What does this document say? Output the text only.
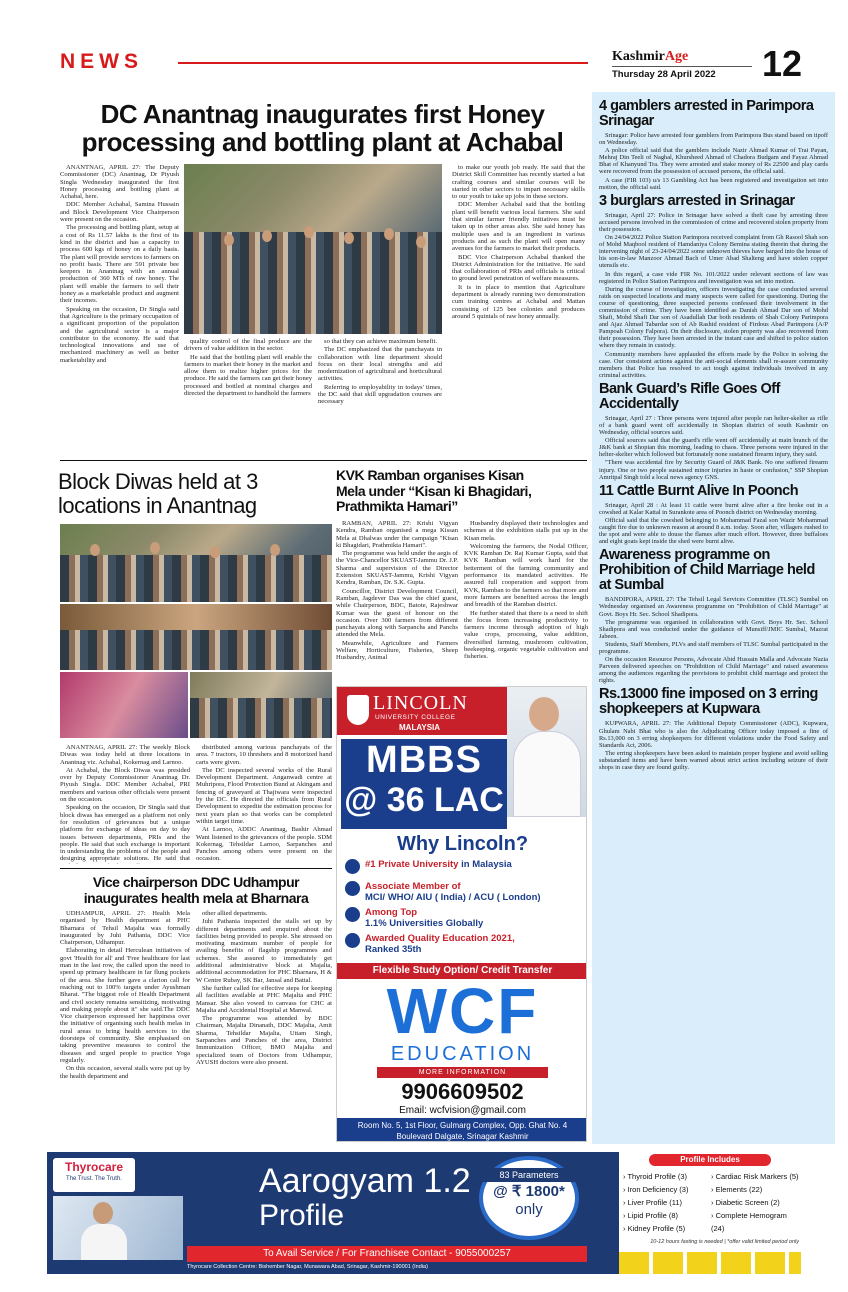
NEWS	KashmirAge
Thursday 28 April 2022 12
DC Anantnag inaugurates first Honey
processing and bottling plant at Achabal

ANANTNAG, APRIL 27: The Deputy Commissioner (DC) Anantnag, Dr Piyush Singla Wednesday inaugurated the first Honey processing and bottling plant at Achabal, here.

DDC Member Achabal, Samina Hussain and Block Development Vice Chairperson were present on the occasion.

The processing and bottling plant, setup at a cost of Rs 11.57 lakhs is the first of its kind in the district and has a capacity to process 600 kgs of honey on a daily basis. The plant will provide services to farmers on no profit basis. There are 591 private bee keepers in Anantnag with an annual production of 360 MTs of raw honey. The plant will enable the farmers to sell their honey as a marketable product and augment their incomes.

Speaking on the occasion, Dr Singla said that Agriculture is the primary occupation of a significant proportion of the population and the agricultural sector is a major contributor to the economy. He said that technological innovations and use of mechanized machinery as well as better marketability and

quality control of the final produce are the drivers of value addition in the sector.

He said that the bottling plant will enable the farmers to market their honey in the market and allow them to realize higher prices for the produce. He said the farmers can get their honey processed and bottled at nominal charges and directed the department to handhold the farmers

so that they can achieve maximum benefit.

The DC emphasized that the panchayats in collaboration with line department should focus on their local strengths and aid modernization of agricultural and horticultural activities.

Referring to employability in todays' times, the DC said that skill upgradation courses are necessary

to make our youth job ready. He said that the District Skill Committee has recently started a bat crafting courses and similar courses will be started in other sectors to impart necessary skills to our youth to take up jobs in these sectors.

DDC Member Achabal said that the bottling plant will benefit various local farmers. She said that similar farmer friendly initiatives must be taken up in other areas also. She said honey has multiple uses and is an ingredient in various products and as such the plant will open many avenues for the farmers to market their products.

BDC Vice Chairperson Achabal thanked the District Administration for the initiative. He said that collaboration of PRIs and officials is critical to ground level penetration of welfare measures.

It is in place to mention that Agriculture department is already running two demonstration cum training centres at Achabal and Mattan consisting of 125 bee colonies and produces around 5 quintals of raw honey annually.

Block Diwas held at 3
locations in Anantnag

ANANTNAG, APRIL 27: The weekly Block Diwas was today held at three locations in Anantnag viz. Achabal, Kokernag and Larnoo.

At Achabal, the Block Diwas was presided over by Deputy Commissioner Anantnag Dr. Piyush Singla. DDC Member Achabal, PRI members and various other officials were present on the occasion.

Speaking on the occasion, Dr Singla said that block diwas has emerged as a platform not only for resolution of grievances but a unique platform for exchange of ideas on day to day issues between departments, PRIs and the people. He said that such exchange is important in understanding the problems of the people and designing appropriate solutions. He said that

distributed among various panchayats of the area. 7 tractors, 10 threshers and 8 motorized hand carts were given.

The DC inspected several works of the Rural Development Department. Anganwadi centre at Muhripora, Flood Protection Bund at Akingam and fencing of graveyard at Thajiwara were inspected by the DC. He directed the officials from Rural Development to expedite the estimation process for next years plan so that works can be completed within target time.

At Larnoo, ADDC Anantnag, Bashir Ahmad Wani listened to the grievances of the people. SDM Kokernag, Tehsildar Larnoo, Sarpanches and Panches among others were present on the occasion.

KVK Ramban organises Kisan
Mela under “Kisan ki Bhagidari,
Prathmikta Hamari”

RAMBAN, APRIL 27: Krishi Vigyan Kendra, Ramban organised a mega Kissan Mela at Dhalwas under the campaign "Kisan ki Bhagidari, Prathmikta Hamari".

The programme was held under the aegis of the Vice-Chancellor SKUAST-Jammu Dr. J.P. Sharma and supervision of the Director Extension SKUAST-Jammu, Krishi Vigyan Kendra, Ramban, Dr. S.K. Gupta.

Councillor, District Development Council, Ramban, Jagdever Das was the chief guest, while Chairperson, BDC, Batote, Rajeshwar Kumar was the guest of honour on the occasion. Over 300 farmers from different panchayats along with Sarpanchs and Panchs attended the Mela.

Meanwhile, Agriculture and Farmers Welfare, Horticulture, Fisheries, Sheep Husbandry, Animal

Husbandry displayed their technologies and schemes at the exhibition stalls put up in the Kisan mela.

Welcoming the farmers, the Nodal Officer, KVK Ramban Dr. Raj Kumar Gupta, said that KVK Ramban will work hard for the betterment of the farming community and performance its mandated activities. He assured full cooperation and support from KVK, Ramban to the farmers so that more and more farmers are benefited across the length and breadth of the Ramban district.

He further stated that there is a need to shift the focus from increasing productivity to farmers income through adoption of high value crops, processing, value addition, diversified farming, mushroom cultivation, beekeeping, organic vegetable cultivation and fisheries.

Vice chairperson DDC Udhampur
inaugurates health mela at Bharnara

UDHAMPUR, APRIL 27: Health Mela organised by Health department at PHC Bharnara of Tehsil Majalta was formally inaugurated by Juhi Pathania, DDC Vice Chairperson, Udhampur.

Elaborating in detail Herculean initiatives of govt 'Health for all' and 'Free healthcare for last man in the last row, the called upon the need to speed up primary healthcare in far flung pockets of the area. She further gave a clarion call for reaching out to 100% targets under Ayushman Bharat. "The biggest role of Health Department and civil society remains sensitizing, motivating and making people about it" she said.The DDC Vice chairperson expressed her happiness over the initiative of organising such health melas in rural areas to bring health services to the doorsteps of community. She emphasised on taking preventive measures to control the diseases and urged people to practice Yoga regularly.

On this occasion, several stalls were put up by the health department and

other allied departments.

Juhi Pathania inspected the stalls set up by different departments and enquired about the facilities being provided to people. She stressed on motivating maximum number of people for availing benefits of flagship programmes and schemes. She assured to immediately get additional administrative block at Majalta, additional accommodation for PHC Bharnara, H & W Centre Rubay, SK Bar, Jansal and Battal.

She further called for effective steps for keeping all facilities available at PHC Majalta and PHC Mansar. She also vowed to canvass for CHC at Majalta and Accidental Hospital at Manwal.

The programme was attended by BDC Chairman, Majalta Dinanath, DDC Majalta, Amit Sharma, Tehsildar Majalta, Uttam Singh, Sarpanches and Panches of the area, District Immunization Officer, BMO Majalta and specialized team of Doctors from Udhampur, AYUSH doctors were also present.

LINCOLN
UNIVERSITY COLLEGE
MALAYSIA
MBBS
@ 36 LAC
Why Lincoln?
#1 Private University in Malaysia
Associate Member of
MCI/ WHO/ AIU ( India) / ACU ( London)
Among Top
1.1% Universities Globally
Awarded Quality Education 2021,
Ranked 35th
Flexible Study Option/ Credit Transfer
WCF
EDUCATION
MORE INFORMATION
9906609502
Email: wcfvision@gmail.com
Room No. 5, 1st Floor, Gulmarg Complex, Opp. Ghat No. 4
Boulevard Dalgate, Srinagar Kashmir
4 gamblers arrested in Parimpora Srinagar

Srinagar: Police have arrested four gamblers from Parimpora Bus stand based on tipoff on Wednesday.

A police official said that the gamblers include Nazir Ahmad Kumar of Trai Payan, Mehraj Din Teeli of Naghal, Khursheed Ahmad of Chadora Budgam and Fayaz Ahmad Bhat of Khanyund Tra. They were arrested and stake money of Rs 22500 and play cards were recovered from the possession of accused persons, the official said.

A case (FIR 103) u/s 13 Gambling Act has been registered and investigation set into motion, the official said.

3 burglars arrested in Srinagar

Srinagar, April 27: Police in Srinagar have solved a theft case by arresting three accused persons involved in the commission of crime and recovered stolen property from their possession.

On 24/04/2022 Police Station Parimpora received complaint from Gh Rasool Shah son of Mohd Maqbool resident of Hamdaniya Colony Bemina stating therein that during the intervening night of 23-24/04/2022 some unknown thieves have barged into the house of his son-in-law Manzoor Ahmad Bach of Umer Abad Shalteng and have stolen copper utensils etc.

In this regard, a case vide FIR No. 101/2022 under relevant sections of law was registered in Police Station Parimpora and investigation was set into motion.

During the course of investigation, officers investigating the case conducted several raids on suspected locations and many suspects were called for questioning. During the course of questioning, three suspected persons confessed their involvement in the commission of crime. They have been identified as Danish Ahmad Dar son of Mohd Shafi, Mohd Shafi Dar son of Asadullah Dar both residents of Shah Colony Parimpora and Ajaz Ahmad Tabardar son of Ab Rashid resident of Firdous Abad Parimpora (A/P Pampoah Colony Falpora). On their disclosure, stolen property was also recovered from their possession. They have been arrested in the instant case and shifted to police station where they remain in custody.

Community members have applauded the efforts made by the Police in solving the case. Our consistent actions against the anti-social elements shall re-assure community members that Police has resolved to act tough against individuals involved in any criminal activities.

Bank Guard’s Rifle Goes Off Accidentally

Srinagar, April 27 : Three persons were injured after people ran helter-skelter as rifle of a bank guard went off accidentally in Shopian district of south Kashmir on Wednesday, official sources said.

Official sources said that the guard's rifle went off accidentally at main branch of the J&K bank at Shopian this morning, leading to chaos. Three persons were injured in the helter-skelter which followed but fortunately none sustained firearm injury, they said.

"There was accidental fire by Security Guard of J&K Bank. No one suffered firearm injury. One or two people sustained minor injuries in haste or confusion," SSP Shopian Amritpal Singh told a local news agency GNS.

11 Cattle Burnt Alive In Poonch

Srinagar, April 28 : At least 11 cattle were burnt alive after a fire broke out in a cowshed at Kalar Kattal in Surankote area of Poonch district on Wednesday morning.

Official said that the cowshed belonging to Mohammad Fazal son Wazir Mohammad caught fire due to unknown reason at around 8 a.m. today. Soon after, villagers rushed to the spot and were able to douse the flames after much effort. However, three buffaloes and eight goats kept inside the shed were burnt alive.

Awareness programme on Prohibition of Child Marriage held at Sumbal

BANDIPORA, APRIL 27: The Tehsil Legal Services Committee (TLSC) Sumbal on Wednesday organised an Awareness programme on "Prohibition of Child Marriage" at Govt. Boys Hr. Sec. School Shadipora.

The programme was organised in collaboration with Govt. Boys Hr. Sec. School Shadipora and was conducted under the guidance of Munsiff/JMIC Sumbal, Mazrat Jabeen.

Students, Staff Members, PLVs and staff members of TLSC Sumbal participated in the programme.

On the occasion Resource Persons, Advocate Abid Hussain Malla and Advocate Nazia Parveen delivered speeches on "Prohibition of Child Marriage" and raised awareness among the audiences regarding the provisions to prohibit child marriage and protect the rights.

Rs.13000 fine imposed on 3 erring shopkeepers at Kupwara

KUPWARA, APRIL 27: The Additional Deputy Commissioner (ADC), Kupwara, Ghulam Nabi Bhat who is also the Adjudicating Officer today imposed a fine of Rs.13,000 on 3 erring shopkeepers for different violations under the Food Safety and Standards Act, 2006.

The erring shopkeepers have been asked to maintain proper hygiene and avoid selling substandard items and have been warned about strict action including seizure of their shops in case they are found guilty.

Thyrocare
The Trust. The Truth.	Aarogyam 1.2
Profile
83 Parameters
@ ₹ 1800*
only
To Avail Service / For Franchisee Contact - 9055000257
Thyrocare Collection Centre: Bishember Nagar, Munawara Abad, Srinagar, Kashmir-190001 (India)
Profile Includes
› Thyroid Profile (3)
› Iron Deficiency (3)
› Liver Profile (11)
› Lipid Profile (8)
› Kidney Profile (5)
› Cardiac Risk Markers (5)
› Elements (22)
› Diabetic Screen (2)
› Complete Hemogram (24)
10-12 hours fasting is needed | *offer valid limited period only
